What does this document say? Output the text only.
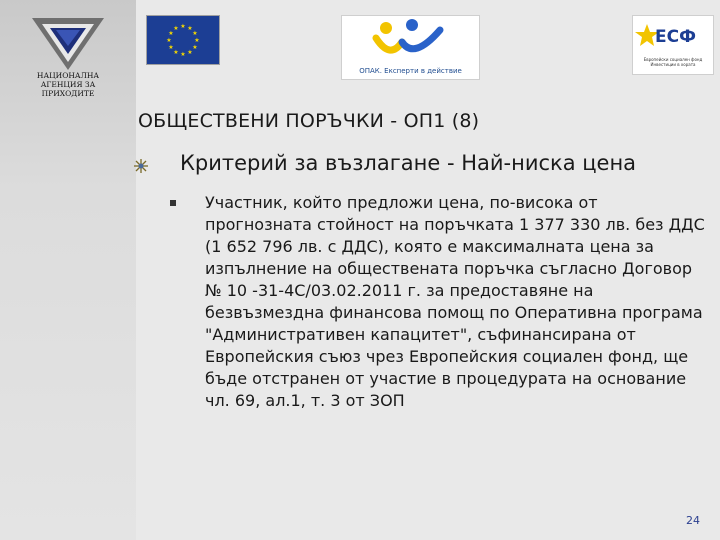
НАЦИОНАЛНА АГЕНЦИЯ ЗА ПРИХОДИТЕ
★ ★
★
★
★
★
★
★
★
★
★
★
ОПАК. Експерти в действие
ЕСФ
Европейски социален фонд Инвестиции в хората
ОБЩЕСТВЕНИ ПОРЪЧКИ - ОП1 (8)
Критерий за възлагане - Най-ниска цена
Участник, който предложи цена, по-висока от прогнозната стойност на поръчката 1 377 330 лв. без ДДС (1 652 796 лв. с ДДС), която е максималната цена за изпълнение на обществената поръчка съгласно Договор № 10 -31-4С/03.02.2011 г. за предоставяне на безвъзмездна финансова помощ по Оперативна програма "Административен капацитет", съфинансирана от Европейския съюз чрез Европейския социален фонд, ще бъде отстранен от участие в процедурата на основание чл. 69, ал.1, т. 3 от ЗОП
24
